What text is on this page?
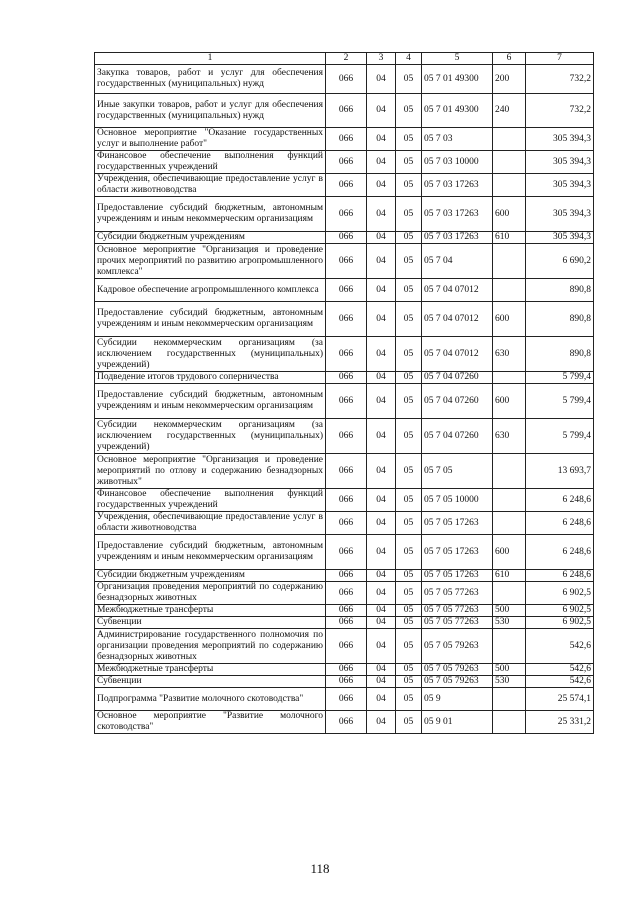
1	2	3	4	5	6	7
Закупка товаров, работ и услуг для обеспечения государственных (муниципальных) нужд	066	04	05	05 7 01 49300	200	732,2
Иные закупки товаров, работ и услуг для обеспечения государственных (муниципальных) нужд	066	04	05	05 7 01 49300	240	732,2
Основное мероприятие "Оказание государственных услуг и выполнение работ"	066	04	05	05 7 03		305 394,3
Финансовое обеспечение выполнения функций государственных учреждений	066	04	05	05 7 03 10000		305 394,3
Учреждения, обеспечивающие предоставление услуг в области животноводства	066	04	05	05 7 03 17263		305 394,3
Предоставление субсидий бюджетным, автономным учреждениям и иным некоммерческим организациям	066	04	05	05 7 03 17263	600	305 394,3
Субсидии бюджетным учреждениям	066	04	05	05 7 03 17263	610	305 394,3
Основное мероприятие "Организация и проведение прочих мероприятий по развитию агропромышленного комплекса"	066	04	05	05 7 04		6 690,2
Кадровое обеспечение агропромышленного комплекса	066	04	05	05 7 04 07012		890,8
Предоставление субсидий бюджетным, автономным учреждениям и иным некоммерческим организациям	066	04	05	05 7 04 07012	600	890,8
Субсидии некоммерческим организациям (за исключением государственных (муниципальных) учреждений)	066	04	05	05 7 04 07012	630	890,8
Подведение итогов трудового соперничества	066	04	05	05 7 04 07260		5 799,4
Предоставление субсидий бюджетным, автономным учреждениям и иным некоммерческим организациям	066	04	05	05 7 04 07260	600	5 799,4
Субсидии некоммерческим организациям (за исключением государственных (муниципальных) учреждений)	066	04	05	05 7 04 07260	630	5 799,4
Основное мероприятие "Организация и проведение мероприятий по отлову и содержанию безнадзорных животных"	066	04	05	05 7 05		13 693,7
Финансовое обеспечение выполнения функций государственных учреждений	066	04	05	05 7 05 10000		6 248,6
Учреждения, обеспечивающие предоставление услуг в области животноводства	066	04	05	05 7 05 17263		6 248,6
Предоставление субсидий бюджетным, автономным учреждениям и иным некоммерческим организациям	066	04	05	05 7 05 17263	600	6 248,6
Субсидии бюджетным учреждениям	066	04	05	05 7 05 17263	610	6 248,6
Организация проведения мероприятий по содержанию безнадзорных животных	066	04	05	05 7 05 77263		6 902,5
Межбюджетные трансферты	066	04	05	05 7 05 77263	500	6 902,5
Субвенции	066	04	05	05 7 05 77263	530	6 902,5
Администрирование государственного полномочия по организации проведения мероприятий по содержанию безнадзорных животных	066	04	05	05 7 05 79263		542,6
Межбюджетные трансферты	066	04	05	05 7 05 79263	500	542,6
Субвенции	066	04	05	05 7 05 79263	530	542,6
Подпрограмма "Развитие молочного скотоводства"	066	04	05	05 9		25 574,1
Основное мероприятие "Развитие молочного скотоводства"	066	04	05	05 9 01		25 331,2
118
